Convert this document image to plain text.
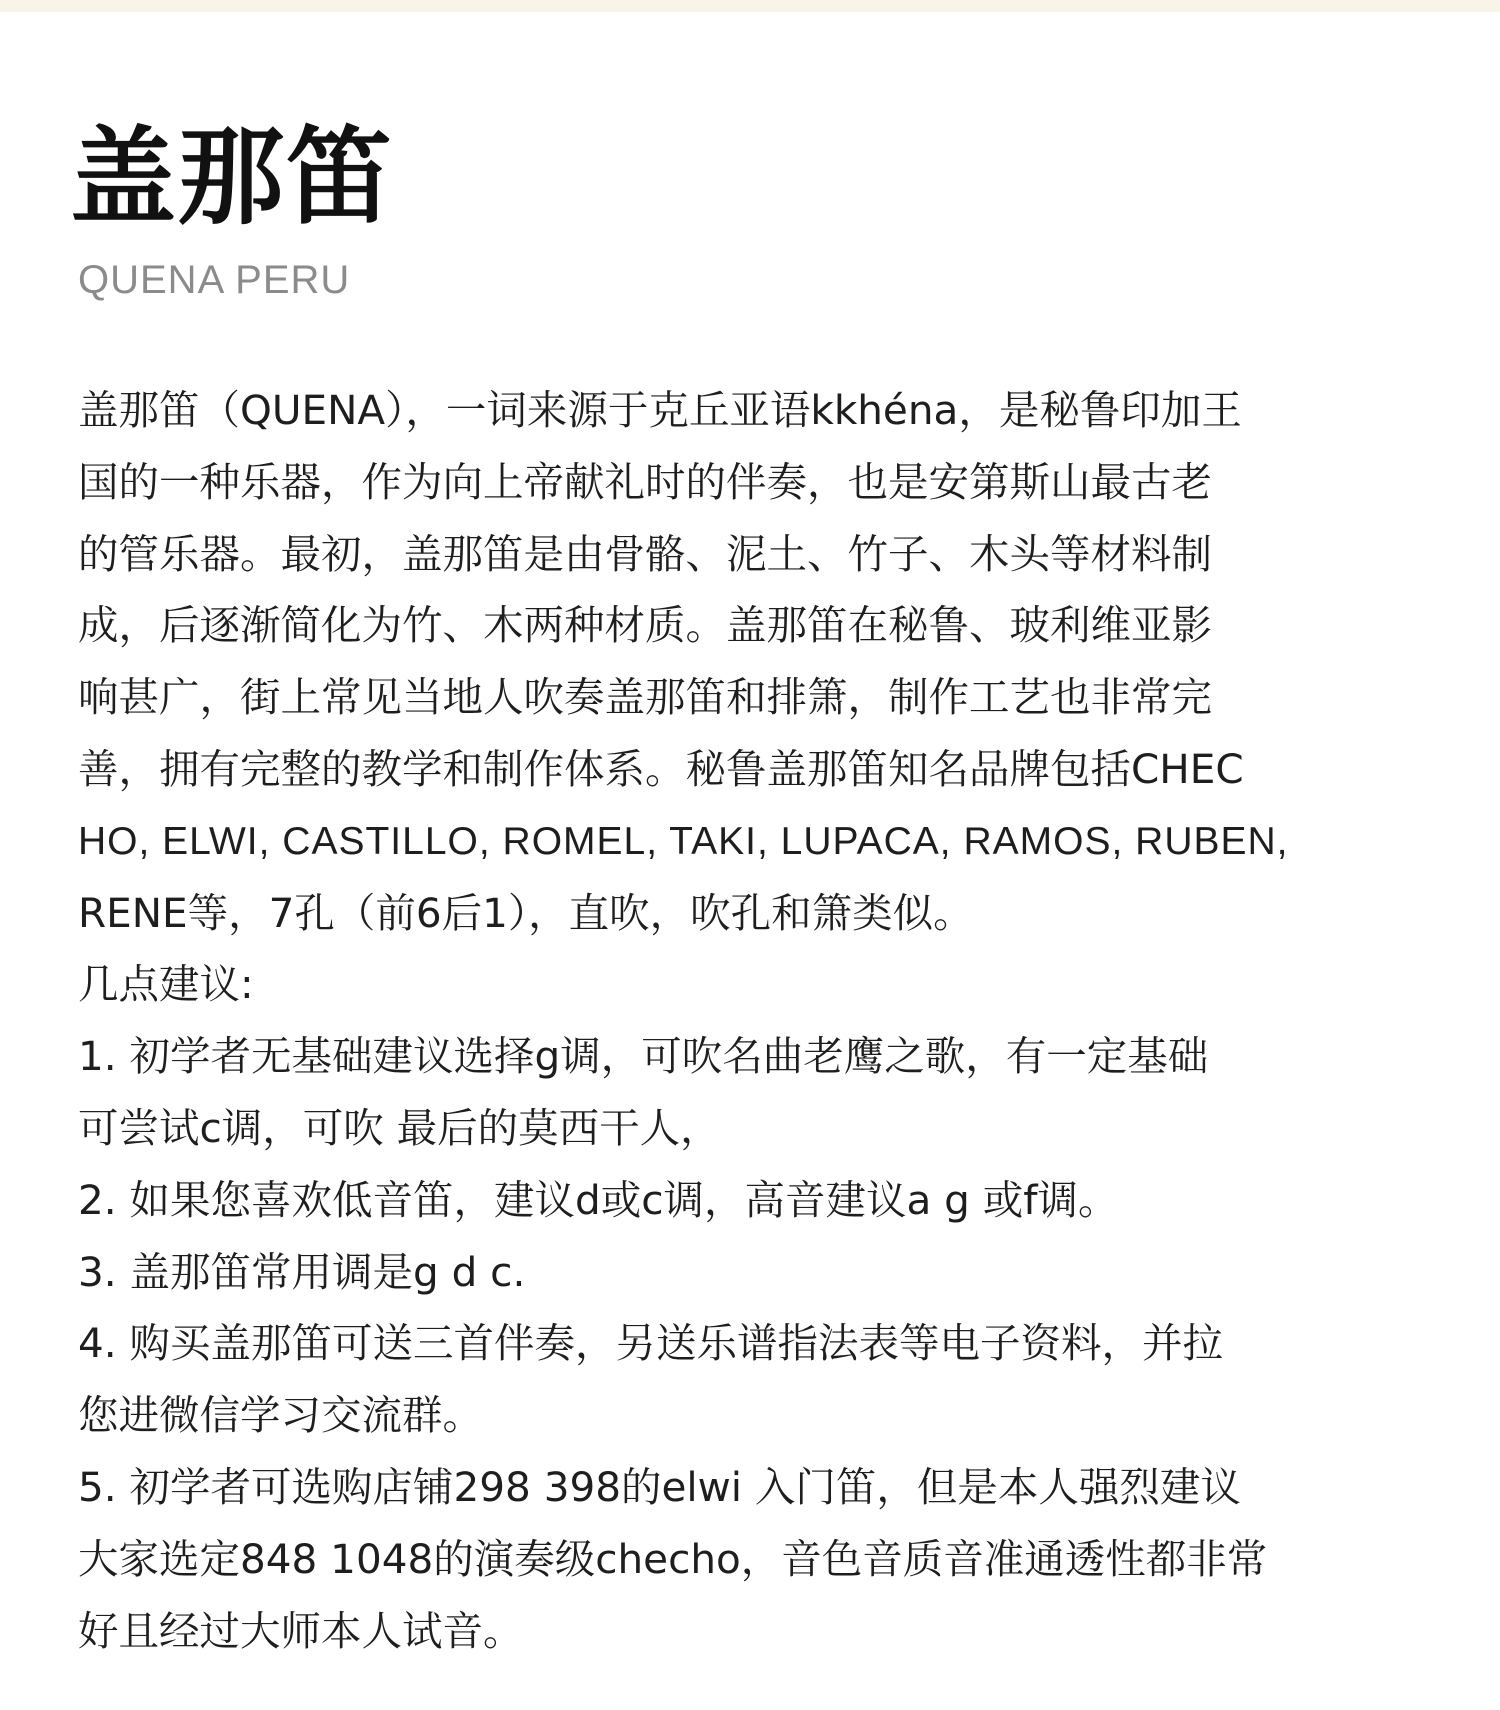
盖那笛
QUENA PERU
盖那笛（QUENA），一词来源于克丘亚语kkhéna，是秘鲁印加王
国的一种乐器，作为向上帝献礼时的伴奏，也是安第斯山最古老
的管乐器。最初，盖那笛是由骨骼、泥土、竹子、木头等材料制
成，后逐渐简化为竹、木两种材质。盖那笛在秘鲁、玻利维亚影
响甚广，街上常见当地人吹奏盖那笛和排箫，制作工艺也非常完
善，拥有完整的教学和制作体系。秘鲁盖那笛知名品牌包括CHEC
HO, ELWI, CASTILLO, ROMEL, TAKI, LUPACA, RAMOS, RUBEN,
RENE等，7孔（前6后1），直吹，吹孔和箫类似。
几点建议:
1. 初学者无基础建议选择g调，可吹名曲老鹰之歌，有一定基础
可尝试c调，可吹 最后的莫西干人，
2. 如果您喜欢低音笛，建议d或c调，高音建议a g 或f调。
3. 盖那笛常用调是g d c.
4. 购买盖那笛可送三首伴奏，另送乐谱指法表等电子资料，并拉
您进微信学习交流群。
5. 初学者可选购店铺298 398的elwi 入门笛，但是本人强烈建议
大家选定848 1048的演奏级checho，音色音质音准通透性都非常
好且经过大师本人试音。
